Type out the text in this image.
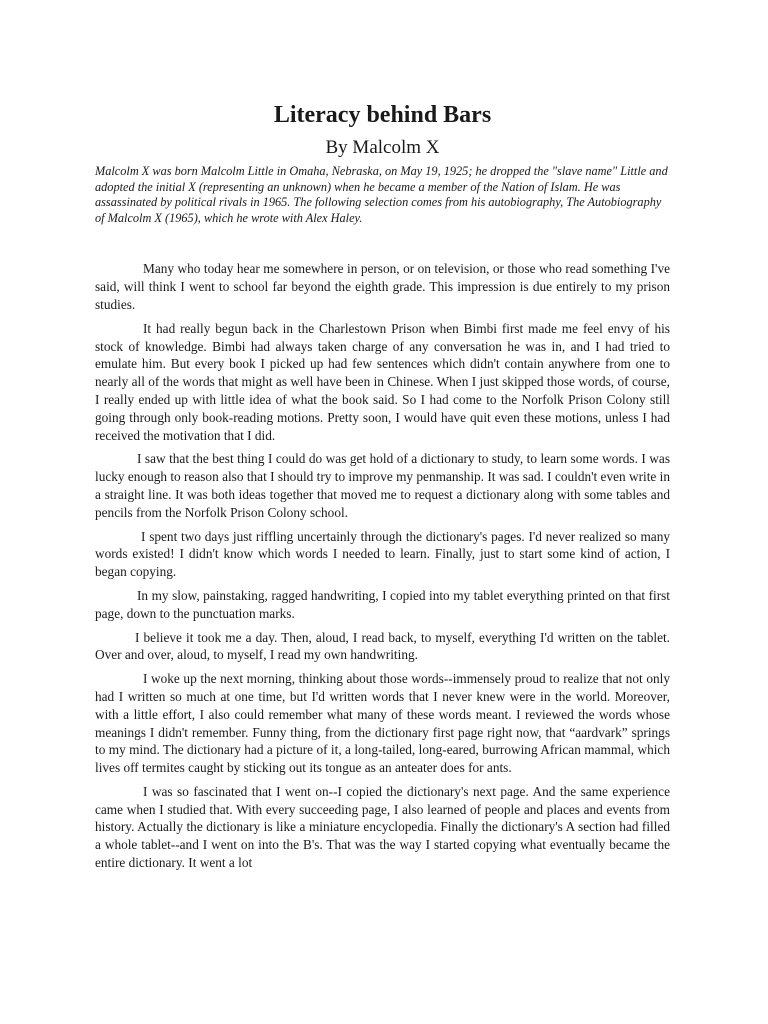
Literacy behind Bars
By Malcolm X

Malcolm X was born Malcolm Little in Omaha, Nebraska, on May 19, 1925; he dropped the "slave name" Little and adopted the initial X (representing an unknown) when he became a member of the Nation of Islam. He was assassinated by political rivals in 1965. The following selection comes from his autobiography, The Autobiography of Malcolm X (1965), which he wrote with Alex Haley.

Many who today hear me somewhere in person, or on television, or those who read something I've said, will think I went to school far beyond the eighth grade. This impression is due entirely to my prison studies.

It had really begun back in the Charlestown Prison when Bimbi first made me feel envy of his stock of knowledge. Bimbi had always taken charge of any conversation he was in, and I had tried to emulate him. But every book I picked up had few sentences which didn't contain anywhere from one to nearly all of the words that might as well have been in Chinese. When I just skipped those words, of course, I really ended up with little idea of what the book said. So I had come to the Norfolk Prison Colony still going through only book-reading motions. Pretty soon, I would have quit even these motions, unless I had received the motivation that I did.

I saw that the best thing I could do was get hold of a dictionary to study, to learn some words. I was lucky enough to reason also that I should try to improve my penmanship. It was sad. I couldn't even write in a straight line. It was both ideas together that moved me to request a dictionary along with some tables and pencils from the Norfolk Prison Colony school.

I spent two days just riffling uncertainly through the dictionary's pages. I'd never realized so many words existed! I didn't know which words I needed to learn. Finally, just to start some kind of action, I began copying.

In my slow, painstaking, ragged handwriting, I copied into my tablet everything printed on that first page, down to the punctuation marks.

I believe it took me a day. Then, aloud, I read back, to myself, everything I'd written on the tablet. Over and over, aloud, to myself, I read my own handwriting.

I woke up the next morning, thinking about those words--immensely proud to realize that not only had I written so much at one time, but I'd written words that I never knew were in the world. Moreover, with a little effort, I also could remember what many of these words meant. I reviewed the words whose meanings I didn't remember. Funny thing, from the dictionary first page right now, that “aardvark” springs to my mind. The dictionary had a picture of it, a long-tailed, long-eared, burrowing African mammal, which lives off termites caught by sticking out its tongue as an anteater does for ants.

I was so fascinated that I went on--I copied the dictionary's next page. And the same experience came when I studied that. With every succeeding page, I also learned of people and places and events from history. Actually the dictionary is like a miniature encyclopedia. Finally the dictionary's A section had filled a whole tablet--and I went on into the B's. That was the way I started copying what eventually became the entire dictionary. It went a lot
